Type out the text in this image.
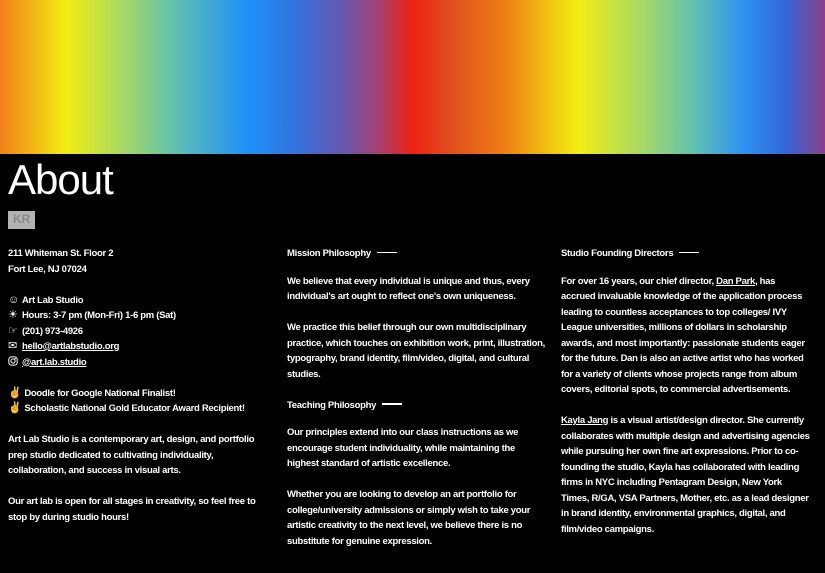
About
KR
211 Whiteman St. Floor 2
Fort Lee, NJ 07024
☺ Art Lab Studio
☀ Hours: 3-7 pm (Mon-Fri) 1-6 pm (Sat)
☞ (201) 973-4926
✉ hello@artlabstudio.org
@art.lab.studio
✌ Doodle for Google National Finalist!
✌ Scholastic National Gold Educator Award Recipient!

Art Lab Studio is a contemporary art, design, and portfolio prep studio dedicated to cultivating individuality, collaboration, and success in visual arts.

Our art lab is open for all stages in creativity, so feel free to stop by during studio hours!

Mission Philosophy

We believe that every individual is unique and thus, every individual's art ought to reflect one's own uniqueness.

We practice this belief through our own multidisciplinary practice, which touches on exhibition work, print, illustration, typography, brand identity, film/video, digital, and cultural studies.

Teaching Philosophy

Our principles extend into our class instructions as we encourage student individuality, while maintaining the highest standard of artistic excellence.

Whether you are looking to develop an art portfolio for college/university admissions or simply wish to take your artistic creativity to the next level, we believe there is no substitute for genuine expression.

Studio Founding Directors

For over 16 years, our chief director, Dan Park, has accrued invaluable knowledge of the application process leading to countless acceptances to top colleges/ IVY League universities, millions of dollars in scholarship awards, and most importantly: passionate students eager for the future. Dan is also an active artist who has worked for a variety of clients whose projects range from album covers, editorial spots, to commercial advertisements.

Kayla Jang is a visual artist/design director. She currently collaborates with multiple design and advertising agencies while pursuing her own fine art expressions. Prior to co-founding the studio, Kayla has collaborated with leading firms in NYC including Pentagram Design, New York Times, R/GA, VSA Partners, Mother, etc. as a lead designer in brand identity, environmental graphics, digital, and film/video campaigns.
